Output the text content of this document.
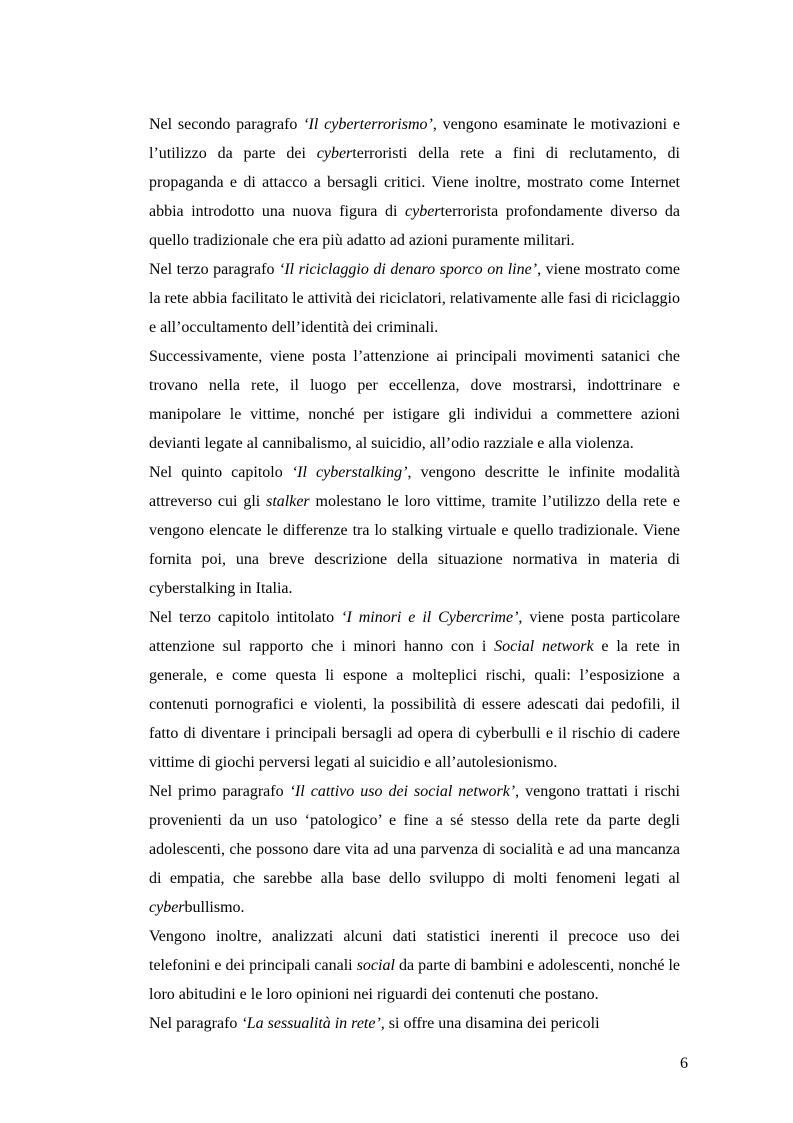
Nel secondo paragrafo ‘Il cyberterrorismo’, vengono esaminate le motivazioni e l’utilizzo da parte dei cyberterroristi della rete a fini di reclutamento, di propaganda e di attacco a bersagli critici. Viene inoltre, mostrato come Internet abbia introdotto una nuova figura di cyberterrorista profondamente diverso da quello tradizionale che era più adatto ad azioni puramente militari.

Nel terzo paragrafo ‘Il riciclaggio di denaro sporco on line’, viene mostrato come la rete abbia facilitato le attività dei riciclatori, relativamente alle fasi di riciclaggio e all’occultamento dell’identità dei criminali.

Successivamente, viene posta l’attenzione ai principali movimenti satanici che trovano nella rete, il luogo per eccellenza, dove mostrarsi, indottrinare e manipolare le vittime, nonché per istigare gli individui a commettere azioni devianti legate al cannibalismo, al suicidio, all’odio razziale e alla violenza.

Nel quinto capitolo ‘Il cyberstalking’, vengono descritte le infinite modalità attreverso cui gli stalker molestano le loro vittime, tramite l’utilizzo della rete e vengono elencate le differenze tra lo stalking virtuale e quello tradizionale. Viene fornita poi, una breve descrizione della situazione normativa in materia di cyberstalking in Italia.

Nel terzo capitolo intitolato ‘I minori e il Cybercrime’, viene posta particolare attenzione sul rapporto che i minori hanno con i Social network e la rete in generale, e come questa li espone a molteplici rischi, quali: l’esposizione a contenuti pornografici e violenti, la possibilità di essere adescati dai pedofili, il fatto di diventare i principali bersagli ad opera di cyberbulli e il rischio di cadere vittime di giochi perversi legati al suicidio e all’autolesionismo.

Nel primo paragrafo ‘Il cattivo uso dei social network’, vengono trattati i rischi provenienti da un uso ‘patologico’ e fine a sé stesso della rete da parte degli adolescenti, che possono dare vita ad una parvenza di socialità e ad una mancanza di empatia, che sarebbe alla base dello sviluppo di molti fenomeni legati al cyberbullismo.

Vengono inoltre, analizzati alcuni dati statistici inerenti il precoce uso dei telefonini e dei principali canali social da parte di bambini e adolescenti, nonché le loro abitudini e le loro opinioni nei riguardi dei contenuti che postano.

Nel paragrafo ‘La sessualità in rete’, si offre una disamina dei pericoli

6
